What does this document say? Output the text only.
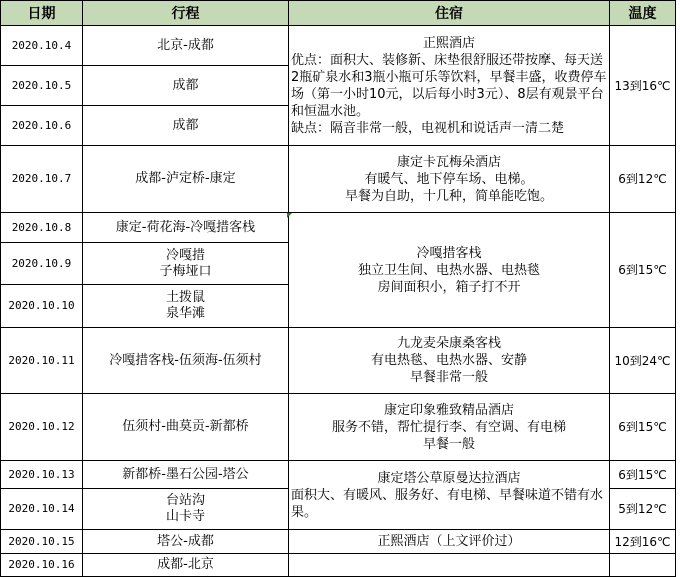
日期	行程	住宿	温度
2020.10.4	北京-成都	正熙酒店
优点：面积大、装修新、床垫很舒服还带按摩、每天送2瓶矿泉水和3瓶小瓶可乐等饮料，早餐丰盛，收费停车场（第一小时10元，以后每小时3元）、8层有观景平台和恒温水池。
缺点：隔音非常一般，电视机和说话声一清二楚	13到16℃
2020.10.5	成都		

2020.10.6	成都		

2020.10.7	成都-泸定桥-康定	康定卡瓦梅朵酒店
有暖气、地下停车场、电梯。
早餐为自助，十几种，简单能吃饱。	6到12℃
2020.10.8	康定-荷花海-冷嘎措客栈	冷嘎措客栈
独立卫生间、电热水器、电热毯
房间面积小，箱子打不开	6到15℃
2020.10.9	冷嘎措
子梅垭口		

2020.10.10	土拨鼠
泉华滩		

2020.10.11	冷嘎措客栈-伍须海-伍须村	九龙麦朵康桑客栈
有电热毯、电热水器、安静
早餐非常一般	10到24℃
2020.10.12	伍须村-曲莫贡-新都桥	康定印象雅致精品酒店
服务不错，帮忙提行李、有空调、有电梯
早餐一般	6到15℃
2020.10.13	新都桥-墨石公园-塔公	康定塔公草原曼达拉酒店
面积大、有暖风、服务好、有电梯、早餐味道不错有水果。	6到15℃
2020.10.14	台站沟
山卡寺		5到12℃
2020.10.15	塔公-成都	正熙酒店（上文评价过）	12到16℃
2020.10.16	成都-北京		
